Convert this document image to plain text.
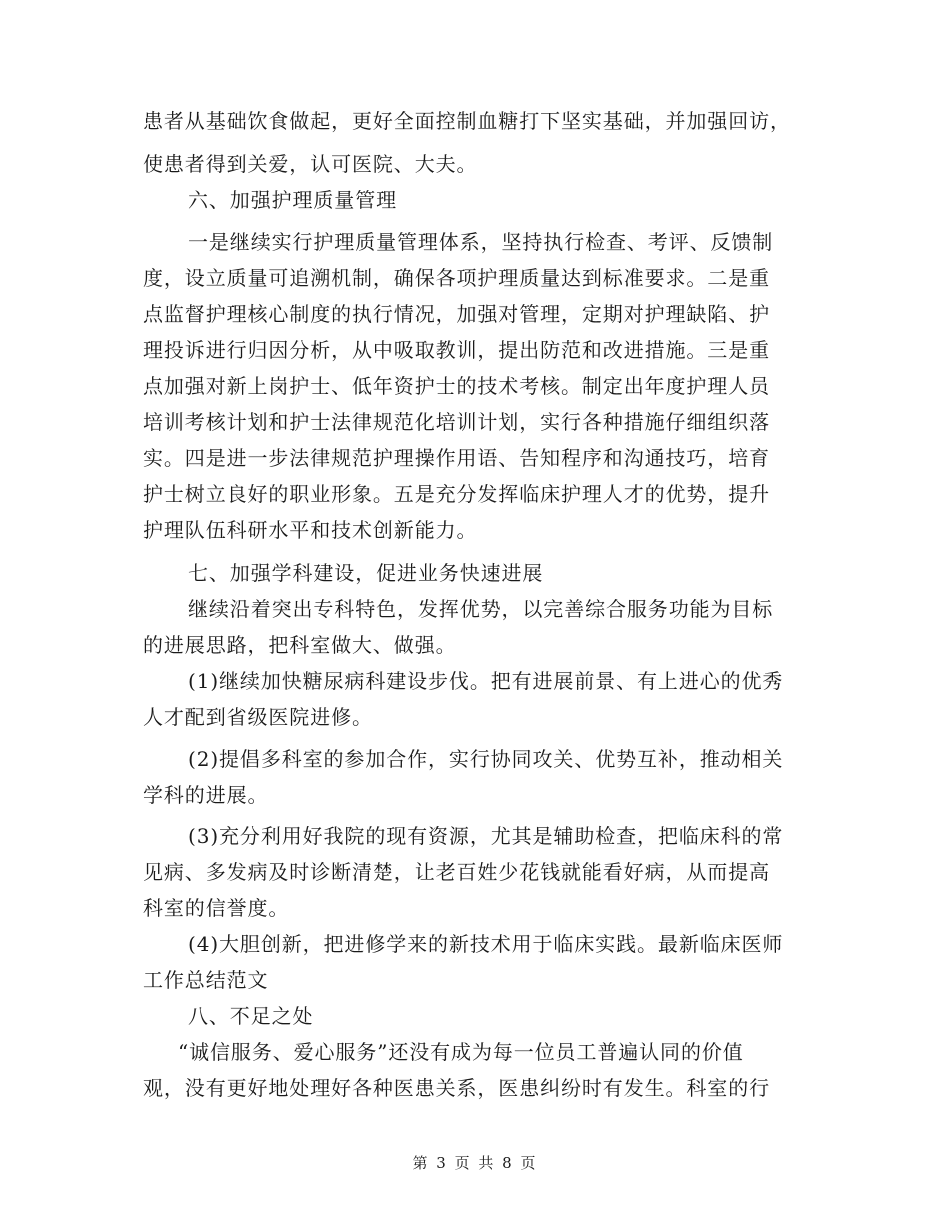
患者从基础饮食做起，更好全面控制血糖打下坚实基础，并加强回访，
使患者得到关爱，认可医院、大夫。
六、加强护理质量管理
一是继续实行护理质量管理体系，坚持执行检查、考评、反馈制
度，设立质量可追溯机制，确保各项护理质量达到标准要求。二是重
点监督护理核心制度的执行情况，加强对管理，定期对护理缺陷、护
理投诉进行归因分析，从中吸取教训，提出防范和改进措施。三是重
点加强对新上岗护士、低年资护士的技术考核。制定出年度护理人员
培训考核计划和护士法律规范化培训计划，实行各种措施仔细组织落
实。四是进一步法律规范护理操作用语、告知程序和沟通技巧，培育
护士树立良好的职业形象。五是充分发挥临床护理人才的优势，提升
护理队伍科研水平和技术创新能力。
七、加强学科建设，促进业务快速进展
继续沿着突出专科特色，发挥优势，以完善综合服务功能为目标
的进展思路，把科室做大、做强。
(1)继续加快糖尿病科建设步伐。把有进展前景、有上进心的优秀
人才配到省级医院进修。
(2)提倡多科室的参加合作，实行协同攻关、优势互补，推动相关
学科的进展。
(3)充分利用好我院的现有资源，尤其是辅助检查，把临床科的常
见病、多发病及时诊断清楚，让老百姓少花钱就能看好病，从而提高
科室的信誉度。
(4)大胆创新，把进修学来的新技术用于临床实践。最新临床医师
工作总结范文
八、不足之处
“诚信服务、爱心服务”还没有成为每一位员工普遍认同的价值
观，没有更好地处理好各种医患关系，医患纠纷时有发生。科室的行
第 3 页 共 8 页
